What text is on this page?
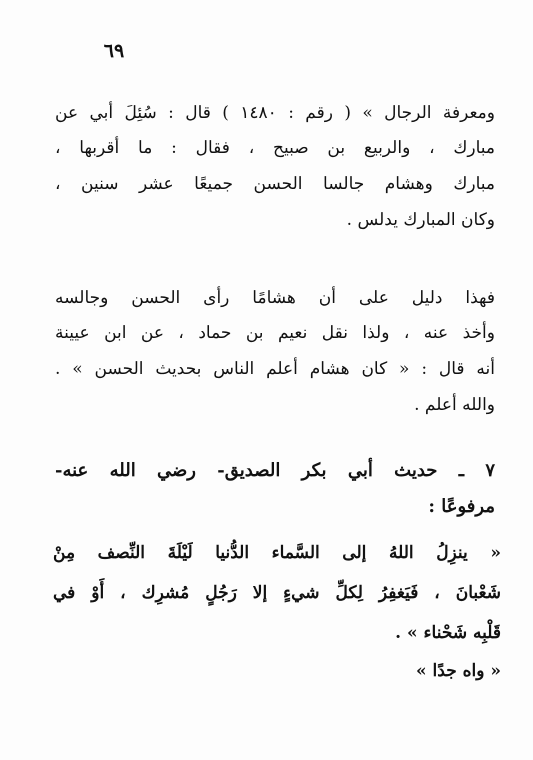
٦٩
ومعرفة الرجال » ( رقم : ١٤٨٠ ) قال : سُئِلَ أبي عن
مبارك ، والربيع بن صبيح ، فقال : ما أقربها ،
مبارك وهشام جالسا الحسن جميعًا عشر سنين ،
وكان المبارك يدلس .
فهذا دليل على أن هشامًا رأى الحسن وجالسه
وأخذ عنه ، ولذا نقل نعيم بن حماد ، عن ابن عيينة
أنه قال : « كان هشام أعلم الناس بحديث الحسن » .
والله أعلم .
٧ ـ حديث أبي بكر الصديق- رضي الله عنه-
مرفوعًا :
« ينزِلُ اللهُ إلى السَّماء الدُّنيا لَيْلَةَ النِّصف مِنْ
شَعْبانَ ، فَيَغفِرُ لِكلِّ شيءٍ إلا رَجُلٍ مُشرِك ، أَوْ في
قَلْبِه شَحْناء » .
« واه جدًا »
